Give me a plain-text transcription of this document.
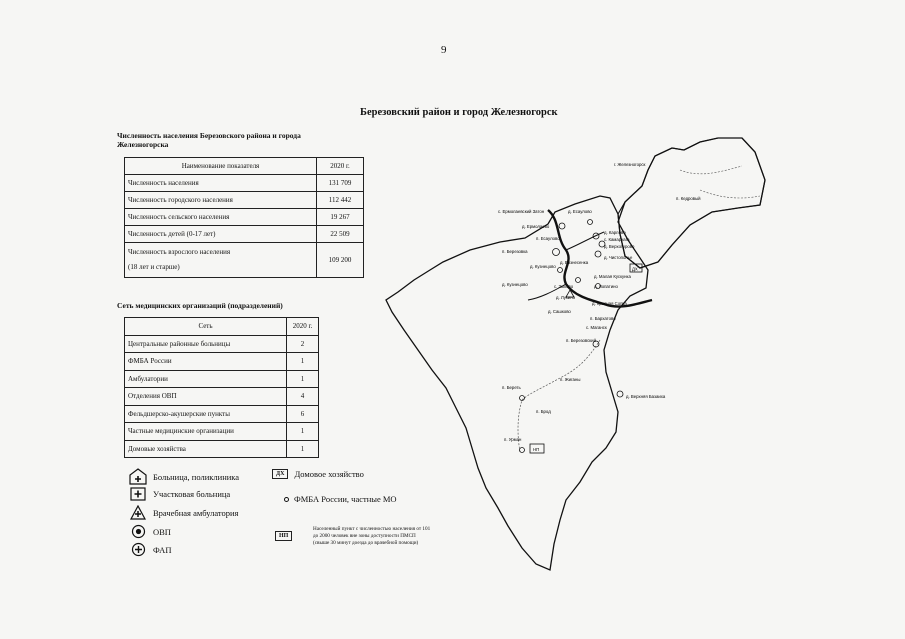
9
Березовский район и город Железногорск
Численность населения Березовского района и города Железногорска
Наименование показателя	2020 г.
Численность населения	131 709
Численность городского населения	112 442
Численность сельского населения	19 267
Численность детей (0-17 лет)	22 509

Численность взрослого населения
(18 лет и старше)	109 200
Сеть медицинских организаций (подразделений)
Сеть	2020 г.
Центральные районные больницы	2
ФМБА России	1
Амбулатории	1
Отделения ОВП	4
Фельдшерско-акушерские пункты	6
Частные медицинские организации	1
Домовые хозяйства	1
Больница, поликлиника
Участковая больница
Врачебная амбулатория
ОВП
ФАП
ДХ	Домовое хозяйство
ФМБА России, частные МО
НП
Населенный пункт с численностью населения от 101 до 2000 человек вне зоны доступности ПМСП (свыше 30 минут доезда до врачебной помощи)
ДХ
НП
г. Железногорск
п. Кедровый
с. Ермолаевский Затон
д. Ермолаево
д. Есаулово
п. Есаулово
д. Кузнецово
п. Березовка
д. Вознесенка
д. Кузнецово
с. Зыково
д. Лукино
д. Сашково
с. Маганск
д. Малая Кускунка
д. Лопатино
д. Карлово
с. Камарчага
д. Верхотурово
д. Чистополье
д. Красная Сопка
п. Береть
п. Березовский
п. Бархатово
п. Жиганы
п. Брод
д. Верхняя Базаиха
п. Урман
